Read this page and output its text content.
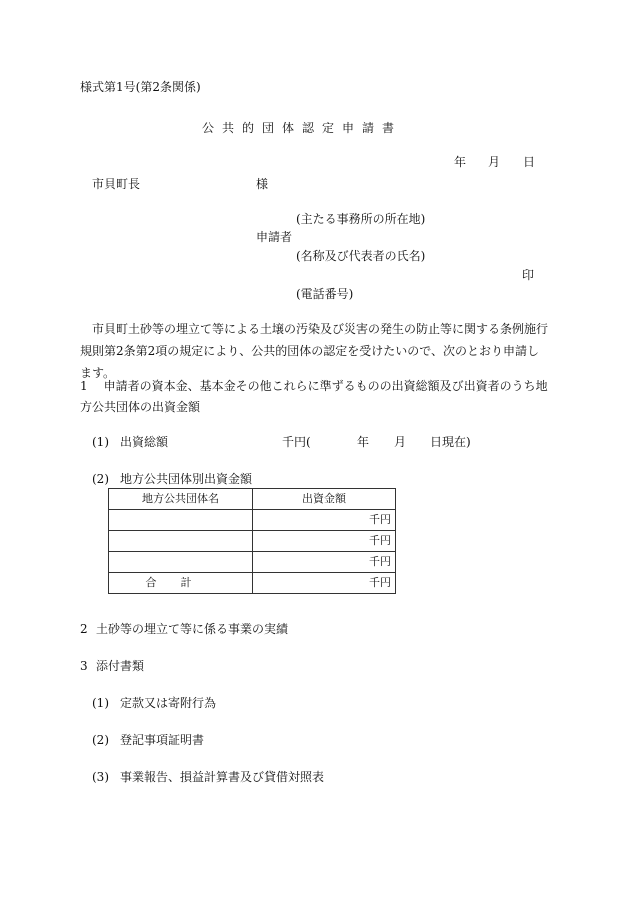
様式第1号(第2条関係)
公共的団体認定申請書
年 月 日
市貝町長	様
(主たる事務所の所在地)
申請者
(名称及び代表者の氏名)
印
(電話番号)
市貝町土砂等の埋立て等による土壌の汚染及び災害の発生の防止等に関する条例施行規則第2条第2項の規定により、公共的団体の認定を受けたいので、次のとおり申請します。
1 申請者の資本金、基本金その他これらに準ずるものの出資総額及び出資者のうち地方公共団体の出資金額
(1) 出資総額	千円(	年 月 日現在)
(2) 地方公共団体別出資金額
地方公共団体名	出資金額
	千円
	千円
	千円
合計	千円
2 土砂等の埋立て等に係る事業の実績
3 添付書類
(1) 定款又は寄附行為
(2) 登記事項証明書
(3) 事業報告、損益計算書及び貸借対照表
